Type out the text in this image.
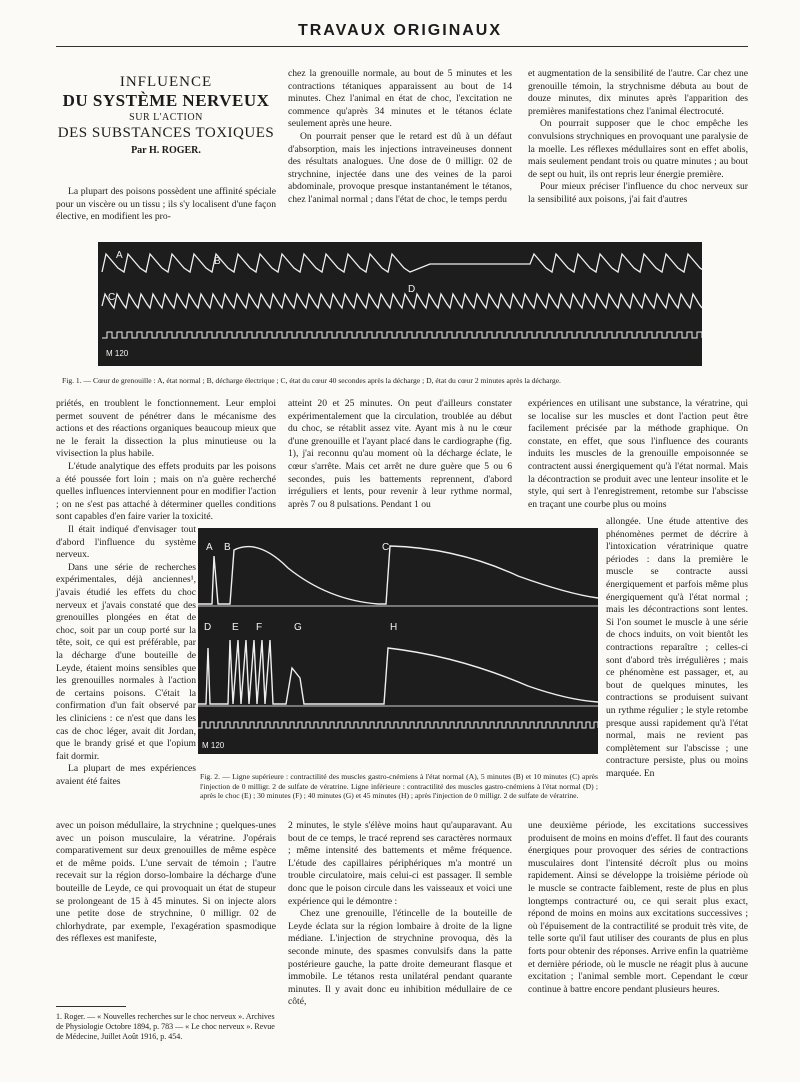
TRAVAUX ORIGINAUX
INFLUENCE
DU SYSTÈME NERVEUX
SUR L'ACTION
DES SUBSTANCES TOXIQUES
Par H. ROGER.

La plupart des poisons possèdent une affinité spéciale pour un viscère ou un tissu ; ils s'y localisent d'une façon élective, en modifient les pro-

chez la grenouille normale, au bout de 5 minutes et les contractions tétaniques apparaissent au bout de 14 minutes. Chez l'animal en état de choc, l'excitation ne commence qu'après 34 minutes et le tétanos éclate seulement après une heure.

On pourrait penser que le retard est dû à un défaut d'absorption, mais les injections intraveineuses donnent des résultats analogues. Une dose de 0 milligr. 02 de strychnine, injectée dans une des veines de la paroi abdominale, provoque presque instantanément le tétanos, chez l'animal normal ; dans l'état de choc, le temps perdu

et augmentation de la sensibilité de l'autre. Car chez une grenouille témoin, la strychnisme débuta au bout de douze minutes, dix minutes après l'apparition des premières manifestations chez l'animal électrocuté.

On pourrait supposer que le choc empêche les convulsions strychniques en provoquant une paralysie de la moelle. Les réflexes médullaires sont en effet abolis, mais seulement pendant trois ou quatre minutes ; au bout de sept ou huit, ils ont repris leur énergie première.

Pour mieux préciser l'influence du choc nerveux sur la sensibilité aux poisons, j'ai fait d'autres

A
B
C
D
M 120
Fig. 1. — Cœur de grenouille : A, état normal ; B, décharge électrique ; C, état du cœur 40 secondes après la décharge ; D, état du cœur 2 minutes après la décharge.

priétés, en troublent le fonctionnement. Leur emploi permet souvent de pénétrer dans le mécanisme des actions et des réactions organiques beaucoup mieux que ne le ferait la dissection la plus minutieuse ou la vivisection la plus habile.

L'étude analytique des effets produits par les poisons a été poussée fort loin ; mais on n'a guère recherché quelles influences interviennent pour en modifier l'action ; on ne s'est pas attaché à déterminer quelles conditions sont capables d'en faire varier la toxicité.

atteint 20 et 25 minutes. On peut d'ailleurs constater expérimentalement que la circulation, troublée au début du choc, se rétablit assez vite. Ayant mis à nu le cœur d'une grenouille et l'ayant placé dans le cardiographe (fig. 1), j'ai reconnu qu'au moment où la décharge éclate, le cœur s'arrête. Mais cet arrêt ne dure guère que 5 ou 6 secondes, puis les battements reprennent, d'abord irréguliers et lents, pour revenir à leur rythme normal, après 7 ou 8 pulsations. Pendant 1 ou

expériences en utilisant une substance, la vératrine, qui se localise sur les muscles et dont l'action peut être facilement précisée par la méthode graphique. On constate, en effet, que sous l'influence des courants induits les muscles de la grenouille empoisonnée se contractent aussi énergiquement qu'à l'état normal. Mais la décontraction se produit avec une lenteur insolite et le style, qui sert à l'enregistrement, retombe sur l'abscisse en traçant une courbe plus ou moins

allongée. Une étude attentive des phénomènes permet de décrire à l'intoxication vératrinique quatre périodes : dans la première le muscle se contracte aussi énergiquement et parfois même plus énergiquement qu'à l'état normal ; mais les décontractions sont lentes. Si l'on soumet le muscle à une série de chocs induits, on voit bientôt les contractions reparaître ; celles-ci sont d'abord très irrégulières ; mais ce phénomène est passager, et, au bout de quelques minutes, les contractions se produisent suivant un rythme régulier ; le style retombe presque aussi rapidement qu'à l'état normal, mais ne revient pas complètement sur l'abscisse ; une contracture persiste, plus ou moins marquée. En

Il était indiqué d'envisager tout d'abord l'influence du système nerveux.

Dans une série de recherches expérimentales, déjà anciennes¹, j'avais étudié les effets du choc nerveux et j'avais constaté que des grenouilles plongées en état de choc, soit par un coup porté sur la tête, soit, ce qui est préférable, par la décharge d'une bouteille de Leyde, étaient moins sensibles que les grenouilles normales à l'action de certains poisons. C'était la confirmation d'un fait observé par les cliniciens : ce n'est que dans les cas de choc léger, avait dit Jordan, que le brandy grisé et que l'opium fait dormir.

La plupart de mes expériences avaient été faites

A B	C
D E F	G	H
M 120
Fig. 2. — Ligne supérieure : contractilité des muscles gastro-cnémiens à l'état normal (A), 5 minutes (B) et 10 minutes (C) après l'injection de 0 milligr. 2 de sulfate de vératrine. Ligne inférieure : contractilité des muscles gastro-cnémiens à l'état normal (D) ; après le choc (E) ; 30 minutes (F) ; 40 minutes (G) et 45 minutes (H) ; après l'injection de 0 milligr. 2 de sulfate de vératrine.

avec un poison médullaire, la strychnine ; quelques-unes avec un poison musculaire, la vératrine. J'opérais comparativement sur deux grenouilles de même espèce et de même poids. L'une servait de témoin ; l'autre recevait sur la région dorso-lombaire la décharge d'une bouteille de Leyde, ce qui provoquait un état de stupeur se prolongeant de 15 à 45 minutes. Si on injecte alors une petite dose de strychnine, 0 milligr. 02 de chlorhydrate, par exemple, l'exagération spasmodique des réflexes est manifeste,

1. Roger. — « Nouvelles recherches sur le choc nerveux ». Archives de Physiologie Octobre 1894, p. 783 — « Le choc nerveux ». Revue de Médecine, Juillet Août 1916, p. 454.

2 minutes, le style s'élève moins haut qu'auparavant. Au bout de ce temps, le tracé reprend ses caractères normaux ; même intensité des battements et même fréquence. L'étude des capillaires périphériques m'a montré un trouble circulatoire, mais celui-ci est passager. Il semble donc que le poison circule dans les vaisseaux et voici une expérience qui le démontre :

Chez une grenouille, l'étincelle de la bouteille de Leyde éclata sur la région lombaire à droite de la ligne médiane. L'injection de strychnine provoqua, dès la seconde minute, des spasmes convulsifs dans la patte postérieure gauche, la patte droite demeurant flasque et immobile. Le tétanos resta unilatéral pendant quarante minutes. Il y avait donc eu inhibition médullaire de ce côté,

une deuxième période, les excitations successives produisent de moins en moins d'effet. Il faut des courants énergiques pour provoquer des séries de contractions musculaires dont l'intensité décroît plus ou moins rapidement. Ainsi se développe la troisième période où le muscle se contracte faiblement, reste de plus en plus longtemps contracturé ou, ce qui serait plus exact, répond de moins en moins aux excitations successives ; où l'épuisement de la contractilité se produit très vite, de telle sorte qu'il faut utiliser des courants de plus en plus forts pour obtenir des réponses. Arrive enfin la quatrième et dernière période, où le muscle ne réagit plus à aucune excitation ; l'animal semble mort. Cependant le cœur continue à battre encore pendant plusieurs heures.
